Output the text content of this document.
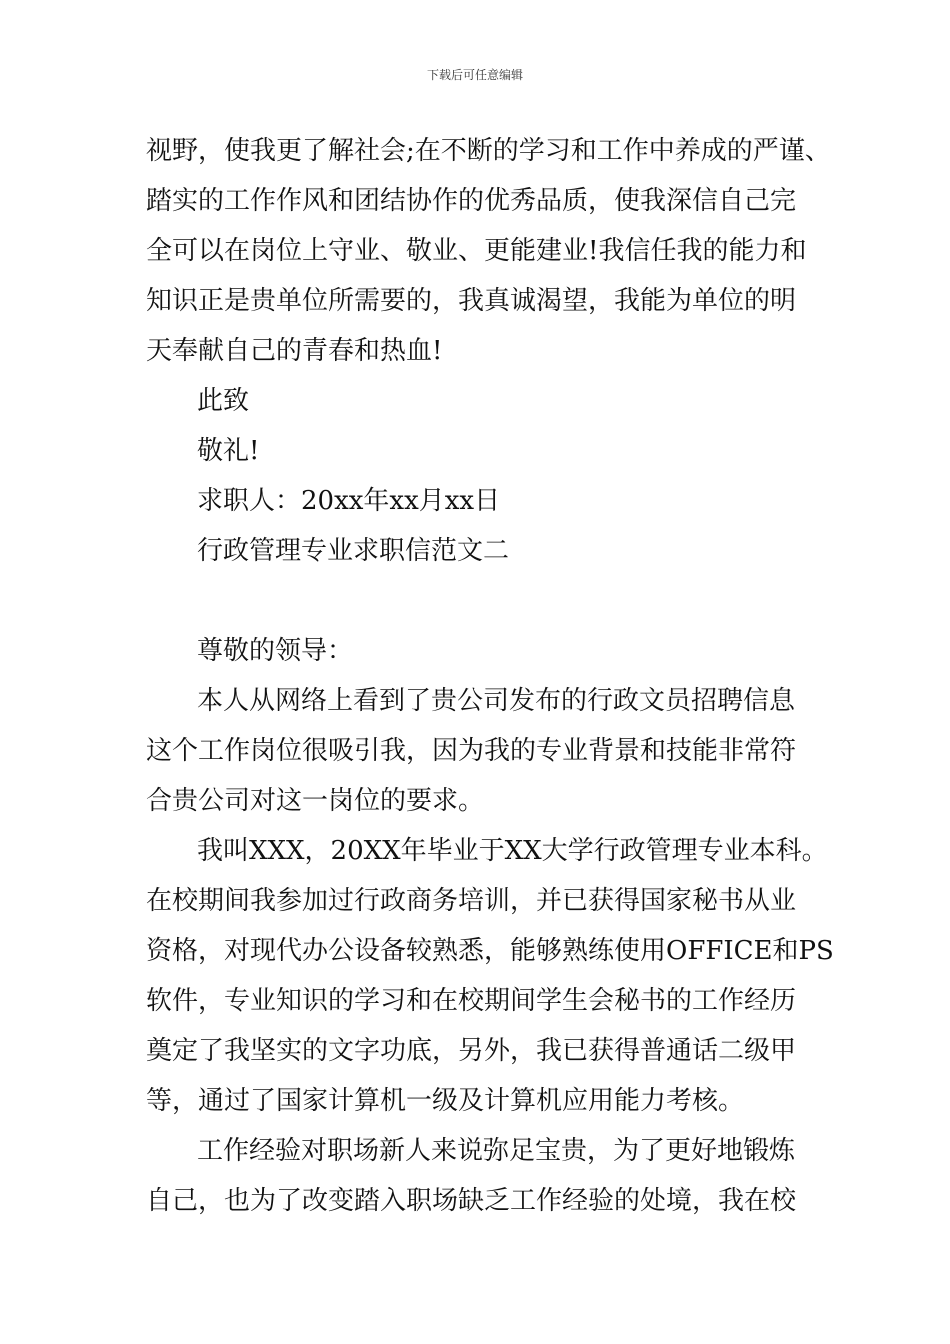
下载后可任意编辑
视野，使我更了解社会;在不断的学习和工作中养成的严谨、
踏实的工作作风和团结协作的优秀品质，使我深信自己完
全可以在岗位上守业、敬业、更能建业!我信任我的能力和
知识正是贵单位所需要的，我真诚渴望，我能为单位的明
天奉献自己的青春和热血!
此致
敬礼!
求职人：20xx年xx月xx日
行政管理专业求职信范文二
尊敬的领导：
本人从网络上看到了贵公司发布的行政文员招聘信息
这个工作岗位很吸引我，因为我的专业背景和技能非常符
合贵公司对这一岗位的要求。
我叫XXX，20XX年毕业于XX大学行政管理专业本科。
在校期间我参加过行政商务培训，并已获得国家秘书从业
资格，对现代办公设备较熟悉，能够熟练使用OFFICE和PS
软件，专业知识的学习和在校期间学生会秘书的工作经历
奠定了我坚实的文字功底，另外，我已获得普通话二级甲
等，通过了国家计算机一级及计算机应用能力考核。
工作经验对职场新人来说弥足宝贵，为了更好地锻炼
自己，也为了改变踏入职场缺乏工作经验的处境，我在校
